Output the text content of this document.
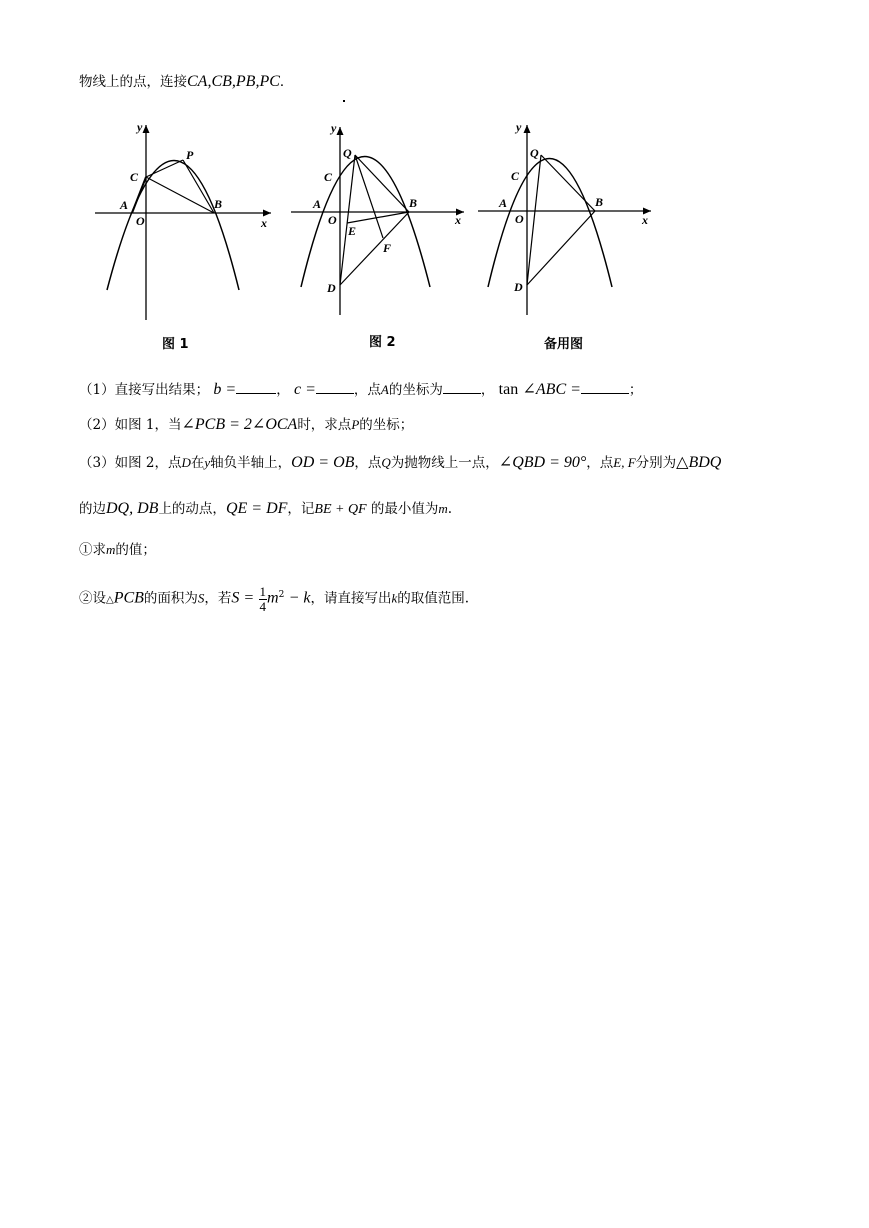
物线上的点，连接CA,CB,PB,PC．
y
x
A
O
C
B
P
图 1
y
x
A
O
C
B
Q
D
E
F
图 2
y
x
A
O
C
B
Q
D
备用图
（1）直接写出结果； b =	， c =	，点A的坐标为	， tan ∠ABC =	；
（2）如图 1，当∠PCB = 2∠OCA时，求点P的坐标；
（3）如图 2，点D在y轴负半轴上，OD = OB，点Q为抛物线上一点，∠QBD = 90°，点E, F分别为△BDQ
的边DQ, DB上的动点，QE = DF，记BE + QF 的最小值为m.
①求m的值；
②设△PCB的面积为S，若$S = \frac{1}{4} m^2 - k$，请直接写出k的取值范围.
